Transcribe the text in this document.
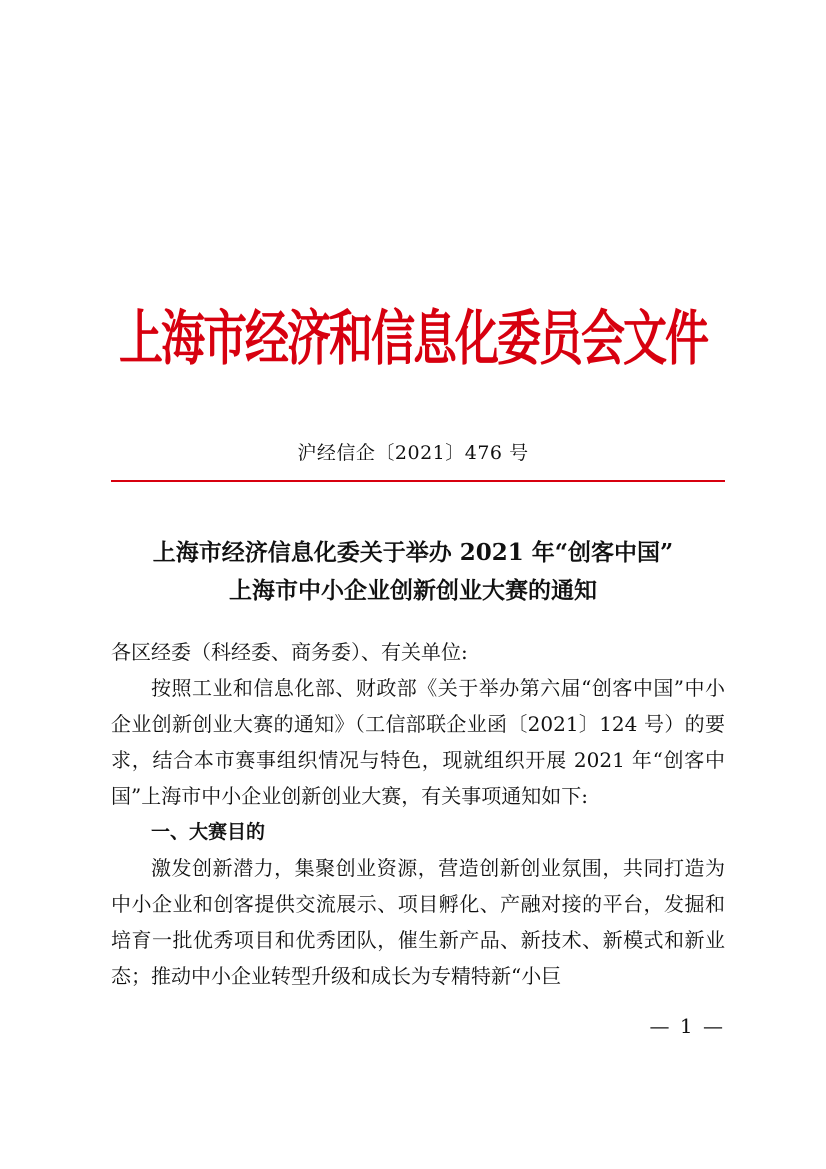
上海市经济和信息化委员会文件
沪经信企〔2021〕476 号
上海市经济信息化委关于举办 2021 年“创客中国”
上海市中小企业创新创业大赛的通知

各区经委（科经委、商务委）、有关单位:

按照工业和信息化部、财政部《关于举办第六届“创客中国”中小企业创新创业大赛的通知》（工信部联企业函〔2021〕124 号）的要求，结合本市赛事组织情况与特色，现就组织开展 2021 年“创客中国”上海市中小企业创新创业大赛，有关事项通知如下:

一、大赛目的

激发创新潜力，集聚创业资源，营造创新创业氛围，共同打造为中小企业和创客提供交流展示、项目孵化、产融对接的平台，发掘和培育一批优秀项目和优秀团队，催生新产品、新技术、新模式和新业态；推动中小企业转型升级和成长为专精特新“小巨

— 1 —
